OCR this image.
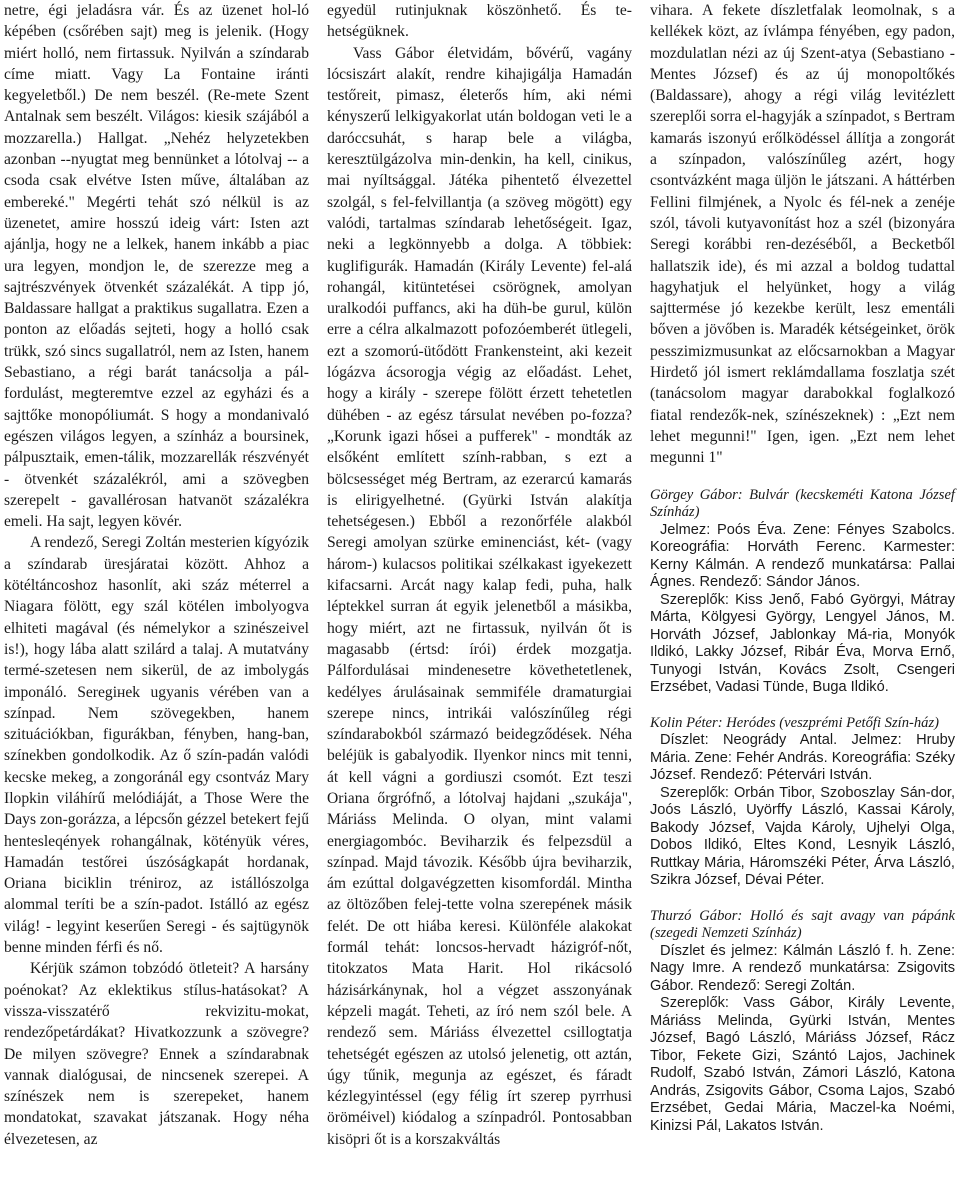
netre, égi jeladásra vár. És az üzenet hol-ló képében (csőrében sajt) meg is jelenik. (Hogy miért holló, nem firtassuk. Nyilván a színdarab címe miatt. Vagy La Fontaine iránti kegyeletből.) De nem beszél. (Re-mete Szent Antalnak sem beszélt. Világos: kiesik szájából a mozzarella.) Hallgat. „Nehéz helyzetekben azonban --nyugtat meg bennünket a lótolvaj -- a csoda csak elvétve Isten műve, általában az embereké." Megérti tehát szó nélkül is az üzenetet, amire hosszú ideig várt: Isten azt ajánlja, hogy ne a lelkek, hanem inkább a piac ura legyen, mondjon le, de szerezze meg a sajtrészvények ötvenkét százalékát. A tipp jó, Baldassare hallgat a praktikus sugallatra. Ezen a ponton az előadás sejteti, hogy a holló csak trükk, szó sincs sugallatról, nem az Isten, hanem Sebastiano, a régi barát tanácsolja a pál-fordulást, megteremtve ezzel az egyházi és a sajttőke monopóliumát. S hogy a mondanivaló egészen világos legyen, a színház a boursinek, pálpusztaik, emen-tálik, mozzarellák részvényét - ötvenkét százalékról, ami a szövegben szerepelt - gavallérosan hatvanöt százalékra emeli. Ha sajt, legyen kövér.

A rendező, Seregi Zoltán mesterien kígyózik a színdarab üresjáratai között. Ahhoz a kötéltáncoshoz hasonlít, aki száz méterrel a Niagara fölött, egy szál kötélen imbolyogva elhiteti magával (és némelykor a szinészeivel is!), hogy lába alatt szilárd a talaj. A mutatvány termé-szetesen nem sikerül, de az imbolygás imponáló. Seregiнek ugyanis vérében van a színpad. Nem szövegekben, hanem szituációkban, figurákban, fényben, hang-ban, színekben gondolkodik. Az ő szín-padán valódi kecske mekeg, a zongoránál egy csontváz Mary Ilopkin viláhírű melódiáját, a Those Were the Days zon-gorázza, a lépcsőn gézzel betekert fejű hentesleqények rohangálnak, kötényük véres, Hamadán testőrei úszóságkapát hordanak, Oriana biciklin tréniroz, az istállószolga alommal teríti be a szín-padot. Istálló az egész világ! - legyint keserűen Seregi - és sajtügynök benne minden férfi és nő.

Kérjük számon tobzódó ötleteit? A harsány poénokat? Az eklektikus stílus-hatásokat? A vissza-visszatérő rekvizitu-mokat, rendezőpetárdákat? Hivatkozzunk a szövegre? De milyen szövegre? Ennek a színdarabnak vannak dialógusai, de nincsenek szerepei. A színészek nem is szerepeket, hanem mondatokat, szavakat játszanak. Hogy néha élvezetesen, az

egyedül rutinjuknak köszönhető. És te-hetségüknek.

Vass Gábor életvidám, bővérű, vagány lócsiszárt alakít, rendre kihajigálja Hamadán testőreit, pimasz, életerős hím, aki némi kényszerű lelkigyakorlat után boldogan veti le a daróccsuhát, s harap bele a világba, keresztülgázolva min-denkin, ha kell, cinikus, mai nyíltsággal. Játéka pihentető élvezettel szolgál, s fel-felvillantja (a szöveg mögött) egy valódi, tartalmas színdarab lehetőségeit. Igaz, neki a legkönnyebb a dolga. A többiek: kuglifigurák. Hamadán (Király Levente) fel-alá rohangál, kitüntetései csörögnek, amolyan uralkodói puffancs, aki ha düh-be gurul, külön erre a célra alkalmazott pofozóemberét ütlegeli, ezt a szomorú-ütődött Frankensteint, aki kezeit lógázva ácsorogja végig az előadást. Lehet, hogy a király - szerepe fölött érzett tehetetlen dühében - az egész társulat nevében po-fozza? „Korunk igazi hősei a pufferek" - mondták az elsőként említett szính-rabban, s ezt a bölcsességet még Bertram, az ezerarcú kamarás is elirigyelhetné. (Gyürki István alakítja tehetségesen.) Ebből a rezonőrféle alakból Seregi amolyan szürke eminenciást, két- (vagy három-) kulacsos politikai szélkakast igyekezett kifacsarni. Arcát nagy kalap fedi, puha, halk léptekkel surran át egyik jelenetből a másikba, hogy miért, azt ne firtassuk, nyilván őt is magasabb (értsd: írói) érdek mozgatja. Pálfordulásai mindenesetre követhetetlenek, kedélyes árulásainak semmiféle dramaturgiai szerepe nincs, intrikái valószínűleg régi színdarabokból származó beidegződések. Néha beléjük is gabalyodik. Ilyenkor nincs mit tenni, át kell vágni a gordiuszi csomót. Ezt teszi Oriana őrgrófnő, a lótolvaj hajdani „szukája", Máriáss Melinda. O olyan, mint valami energiagombóc. Beviharzik és felpezsdül a színpad. Majd távozik. Később újra beviharzik, ám ezúttal dolgavégzetten kisomfordál. Mintha az öltözőben felej-tette volna szerepének másik felét. De ott hiába keresi. Különféle alakokat formál tehát: loncsos-hervadt házigróf-nőt, titokzatos Mata Harit. Hol rikácsoló házisárkánynak, hol a végzet asszonyának képzeli magát. Teheti, az író nem szól bele. A rendező sem. Máriáss élvezettel csillogtatja tehetségét egészen az utolsó jelenetig, ott aztán, úgy tűnik, megunja az egészet, és fáradt kézlegyintéssel (egy félig írt szerep pyrrhusi öröméivel) kiódalog a színpadról. Pontosabban kisöpri őt is a korszakváltás

vihara. A fekete díszletfalak leomolnak, s a kellékek közt, az ívlámpa fényében, egy padon, mozdulatlan nézi az új Szent-atya (Sebastiano - Mentes József) és az új monopoltőkés (Baldassare), ahogy a régi világ levitézlett szereplői sorra el-hagyják a színpadot, s Bertram kamarás iszonyú erőlködéssel állítja a zongorát a színpadon, valószínűleg azért, hogy csontvázként maga üljön le játszani. A háttérben Fellini filmjének, a Nyolc és fél-nek a zenéje szól, távoli kutyavonítást hoz a szél (bizonyára Seregi korábbi ren-dezéséből, a Becketből hallatszik ide), és mi azzal a boldog tudattal hagyhatjuk el helyünket, hogy a világ sajttermése jó kezekbe került, lesz ementáli bőven a jövőben is. Maradék kétségeinket, örök pesszimizmusunkat az előcsarnokban a Magyar Hirdető jól ismert reklámdallama foszlatja szét (tanácsolom magyar darabokkal foglalkozó fiatal rendezők-nek, színészeknek) : „Ezt nem lehet megunni!" Igen, igen. „Ezt nem lehet megunni 1"

Görgey Gábor: Bulvár (kecskeméti Katona József Színház)

Jelmez: Poós Éva. Zene: Fényes Szabolcs. Koreográfia: Horváth Ferenc. Karmester: Kerny Kálmán. A rendező munkatársa: Pallai Ágnes. Rendező: Sándor János.

Szereplők: Kiss Jenő, Fabó Györgyi, Mátray Márta, Kölgyesi György, Lengyel János, M. Horváth József, Jablonkay Má-ria, Monyók Ildikó, Lakky József, Ribár Éva, Morva Ernő, Tunyogi István, Kovács Zsolt, Csengeri Erzsébet, Vadasi Tünde, Buga Ildikó.

Kolin Péter: Heródes (veszprémi Petőfi Szín-ház)

Díszlet: Neogrády Antal. Jelmez: Hruby Mária. Zene: Fehér András. Koreográfia: Széky József. Rendező: Pétervári István.

Szereplők: Orbán Tibor, Szoboszlay Sán-dor, Joós László, Uyörffy László, Kassai Károly, Bakody József, Vajda Károly, Ujhelyi Olga, Dobos Ildikó, Eltes Kond, Lesnyik László, Ruttkay Mária, Háromszéki Péter, Árva László, Szikra József, Dévai Péter.

Thurzó Gábor: Holló és sajt avagy van pápánk (szegedi Nemzeti Színház)

Díszlet és jelmez: Kálmán László f. h. Zene: Nagy Imre. A rendező munkatársa: Zsigovits Gábor. Rendező: Seregi Zoltán.

Szereplők: Vass Gábor, Király Levente, Máriáss Melinda, Gyürki István, Mentes József, Bagó László, Máriáss József, Rácz Tibor, Fekete Gizi, Szántó Lajos, Jachinek Rudolf, Szabó István, Zámori László, Katona András, Zsigovits Gábor, Csoma Lajos, Szabó Erzsébet, Gedai Mária, Maczel-ka Noémi, Kinizsi Pál, Lakatos István.
